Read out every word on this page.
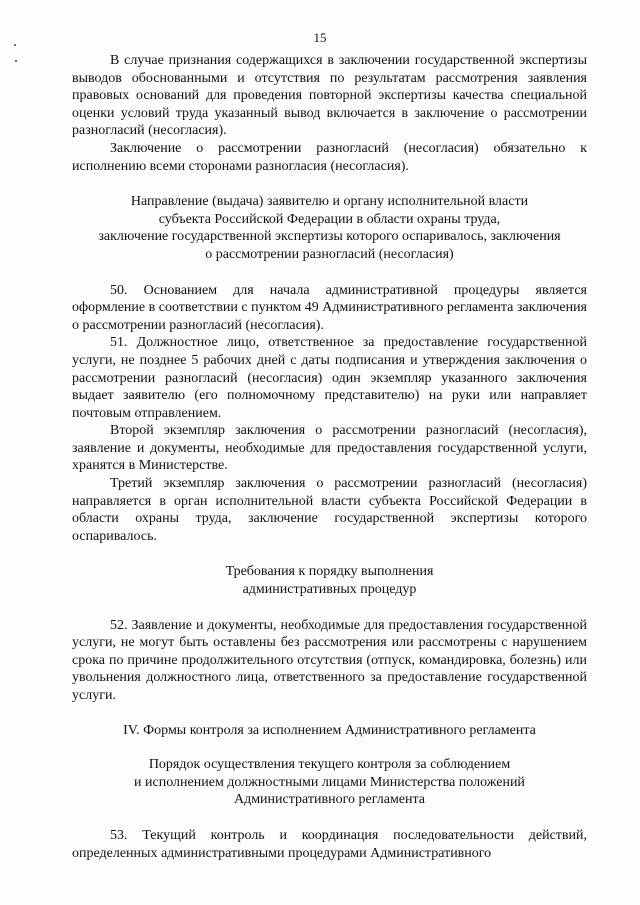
15

В случае признания содержащихся в заключении государственной экспертизы выводов обоснованными и отсутствия по результатам рассмотрения заявления правовых оснований для проведения повторной экспертизы качества специальной оценки условий труда указанный вывод включается в заключение о рассмотрении разногласий (несогласия).

Заключение о рассмотрении разногласий (несогласия) обязательно к исполнению всеми сторонами разногласия (несогласия).

Направление (выдача) заявителю и органу исполнительной власти
субъекта Российской Федерации в области охраны труда,
заключение государственной экспертизы которого оспаривалось, заключения
о рассмотрении разногласий (несогласия)

50. Основанием для начала административной процедуры является оформление в соответствии с пунктом 49 Административного регламента заключения о рассмотрении разногласий (несогласия).

51. Должностное лицо, ответственное за предоставление государственной услуги, не позднее 5 рабочих дней с даты подписания и утверждения заключения о рассмотрении разногласий (несогласия) один экземпляр указанного заключения выдает заявителю (его полномочному представителю) на руки или направляет почтовым отправлением.

Второй экземпляр заключения о рассмотрении разногласий (несогласия), заявление и документы, необходимые для предоставления государственной услуги, хранятся в Министерстве.

Третий экземпляр заключения о рассмотрении разногласий (несогласия) направляется в орган исполнительной власти субъекта Российской Федерации в области охраны труда, заключение государственной экспертизы которого оспаривалось.

Требования к порядку выполнения
административных процедур

52. Заявление и документы, необходимые для предоставления государственной услуги, не могут быть оставлены без рассмотрения или рассмотрены с нарушением срока по причине продолжительного отсутствия (отпуск, командировка, болезнь) или увольнения должностного лица, ответственного за предоставление государственной услуги.

IV. Формы контроля за исполнением Административного регламента
Порядок осуществления текущего контроля за соблюдением
и исполнением должностными лицами Министерства положений
Административного регламента

53. Текущий контроль и координация последовательности действий, определенных административными процедурами Административного
